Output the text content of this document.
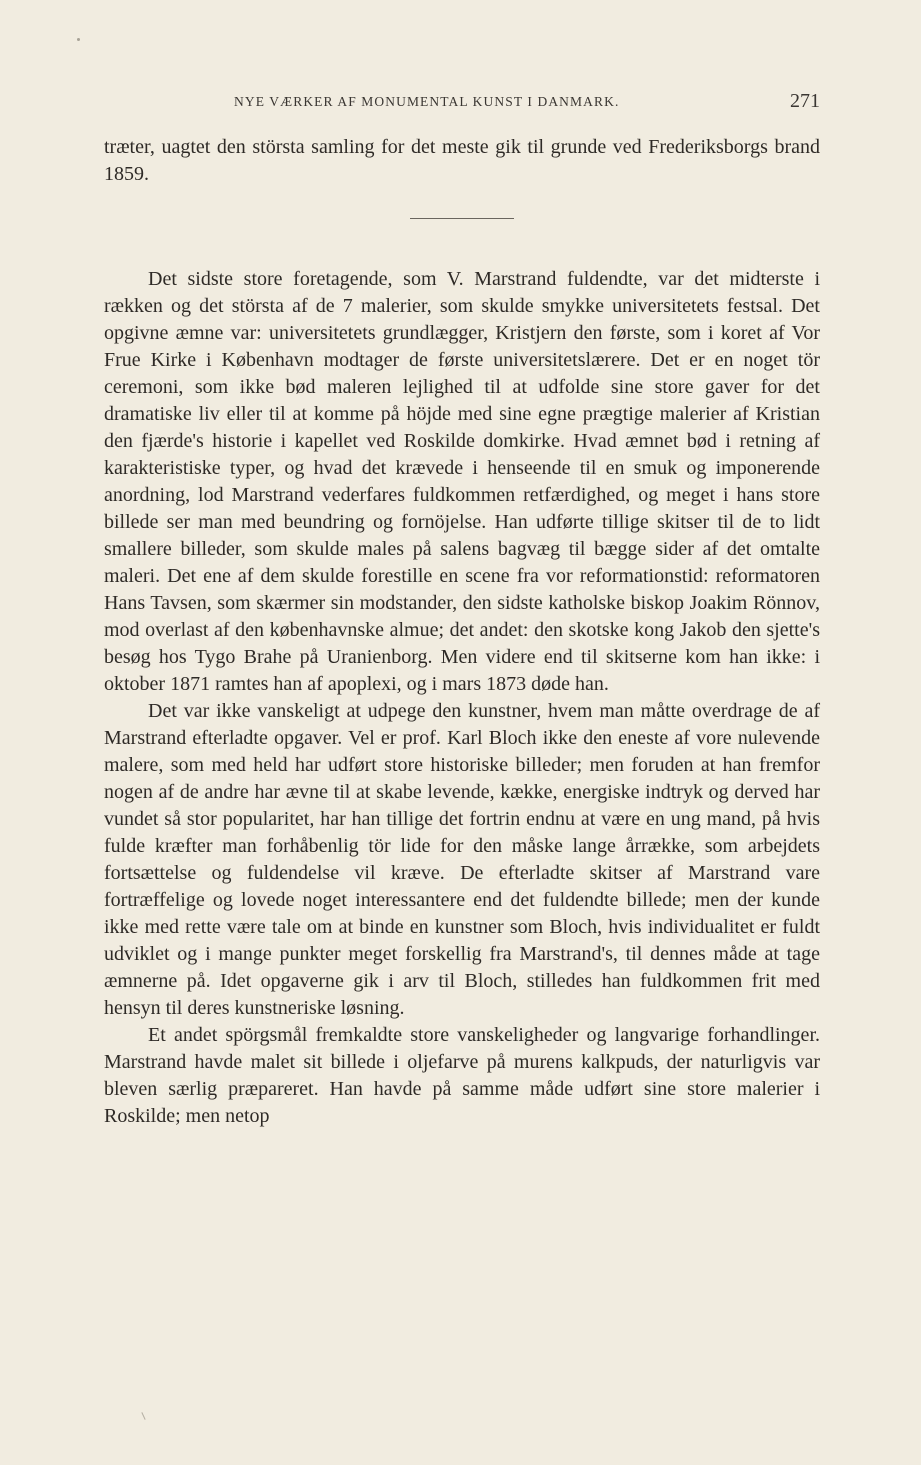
NYE VÆRKER AF MONUMENTAL KUNST I DANMARK.	271

træter, uagtet den största samling for det meste gik til grunde ved Frederiksborgs brand 1859.

Det sidste store foretagende, som V. Marstrand fuldendte, var det midterste i rækken og det största af de 7 malerier, som skulde smykke universitetets festsal. Det opgivne æmne var: universitetets grundlægger, Kristjern den første, som i koret af Vor Frue Kirke i København modtager de første universitetslærere. Det er en noget tör ceremoni, som ikke bød maleren lejlighed til at udfolde sine store gaver for det dramatiske liv eller til at komme på höjde med sine egne prægtige malerier af Kristian den fjærde's historie i kapellet ved Roskilde domkirke. Hvad æmnet bød i retning af karakteristiske typer, og hvad det krævede i henseende til en smuk og imponerende anordning, lod Marstrand vederfares fuldkommen retfærdighed, og meget i hans store billede ser man med beundring og fornöjelse. Han udførte tillige skitser til de to lidt smallere billeder, som skulde males på salens bagvæg til bægge sider af det omtalte maleri. Det ene af dem skulde forestille en scene fra vor reformationstid: reformatoren Hans Tavsen, som skærmer sin modstander, den sidste katholske biskop Joakim Rönnov, mod overlast af den københavnske almue; det andet: den skotske kong Jakob den sjette's besøg hos Tygo Brahe på Uranienborg. Men videre end til skitserne kom han ikke: i oktober 1871 ramtes han af apoplexi, og i mars 1873 døde han.

Det var ikke vanskeligt at udpege den kunstner, hvem man måtte overdrage de af Marstrand efterladte opgaver. Vel er prof. Karl Bloch ikke den eneste af vore nulevende malere, som med held har udført store historiske billeder; men foruden at han fremfor nogen af de andre har ævne til at skabe levende, kække, energiske indtryk og derved har vundet så stor popularitet, har han tillige det fortrin endnu at være en ung mand, på hvis fulde kræfter man forhåbenlig tör lide for den måske lange årrække, som arbejdets fortsættelse og fuldendelse vil kræve. De efterladte skitser af Marstrand vare fortræffelige og lovede noget interessantere end det fuldendte billede; men der kunde ikke med rette være tale om at binde en kunstner som Bloch, hvis individualitet er fuldt udviklet og i mange punkter meget forskellig fra Marstrand's, til dennes måde at tage æmnerne på. Idet opgaverne gik i arv til Bloch, stilledes han fuldkommen frit med hensyn til deres kunstneriske løsning.

Et andet spörgsmål fremkaldte store vanskeligheder og langvarige forhandlinger. Marstrand havde malet sit billede i oljefarve på murens kalkpuds, der naturligvis var bleven særlig præpareret. Han havde på samme måde udført sine store malerier i Roskilde; men netop
